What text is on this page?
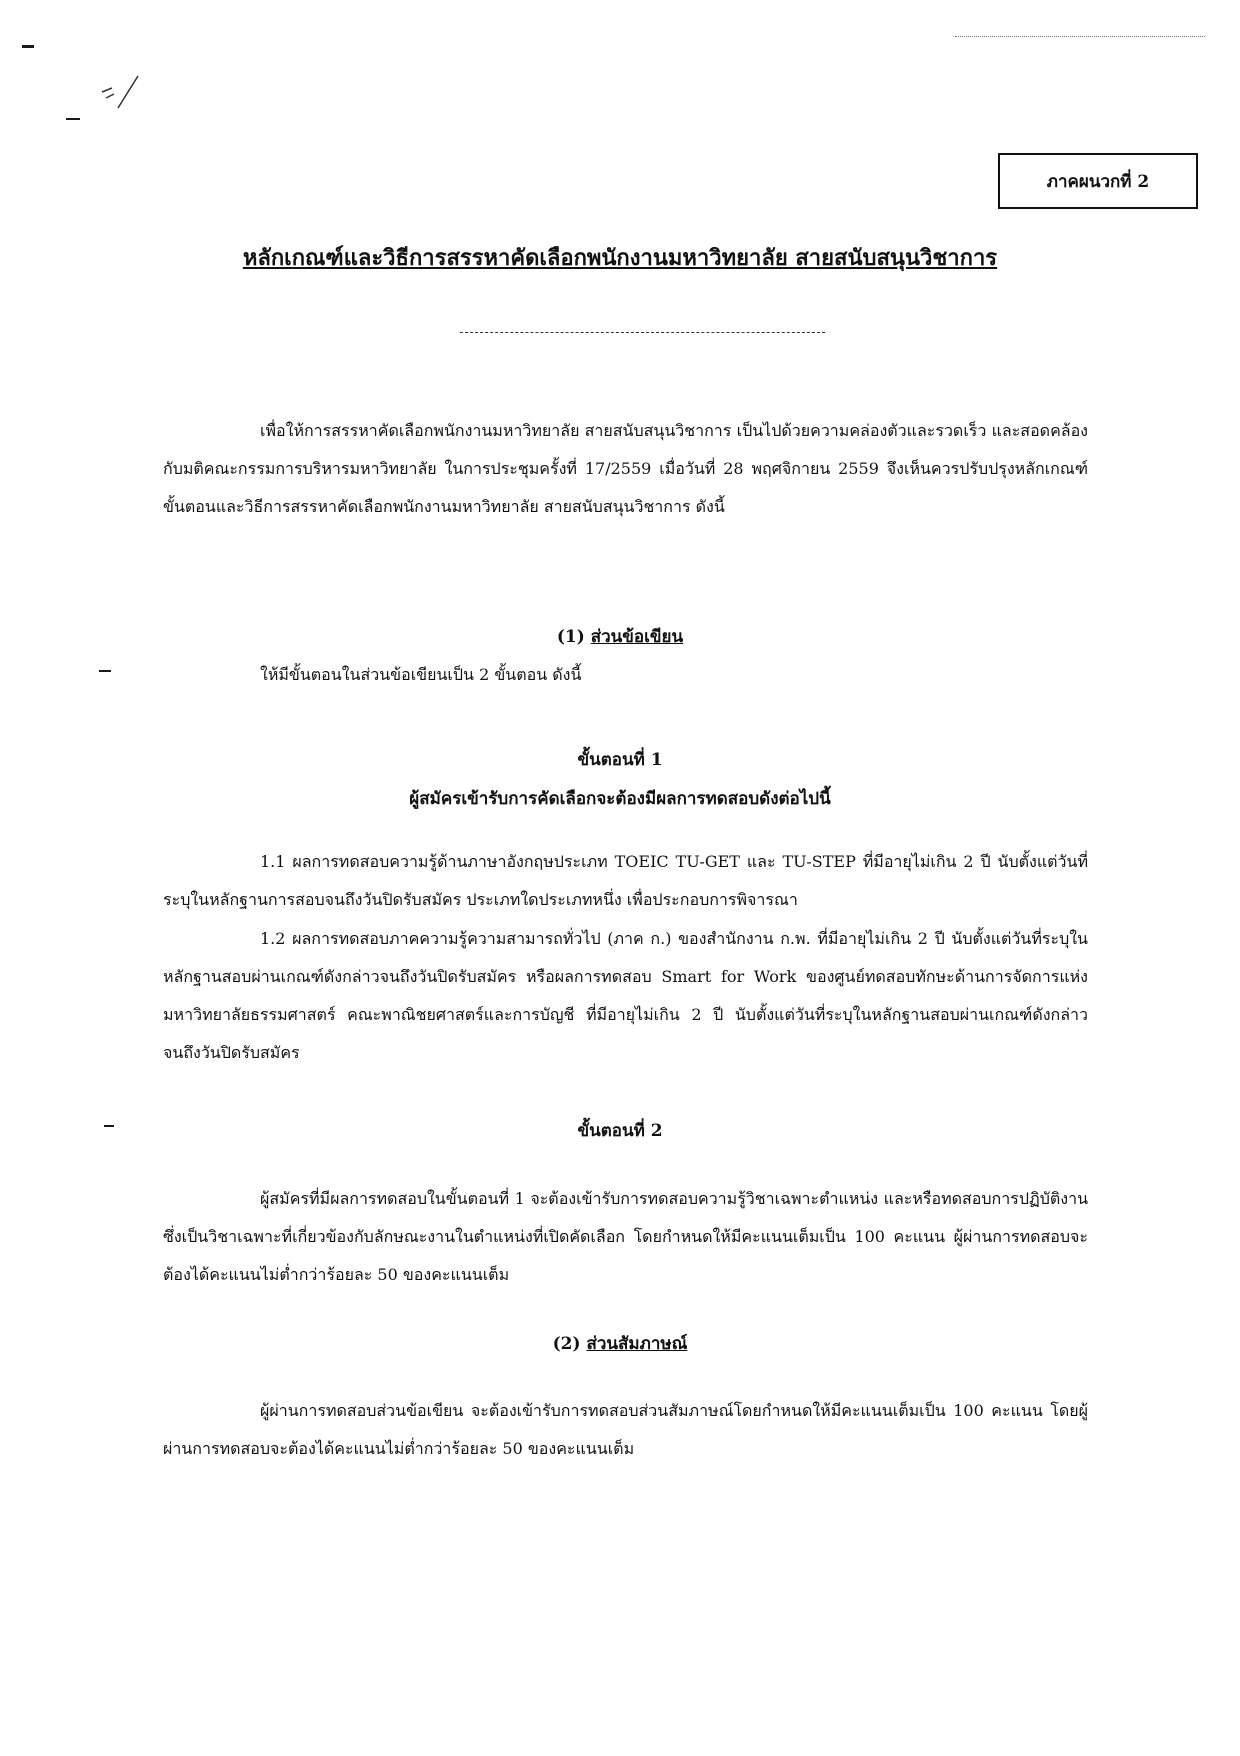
ภาคผนวกที่ 2
หลักเกณฑ์และวิธีการสรรหาคัดเลือกพนักงานมหาวิทยาลัย สายสนับสนุนวิชาการ

เพื่อให้การสรรหาคัดเลือกพนักงานมหาวิทยาลัย สายสนับสนุนวิชาการ เป็นไปด้วยความคล่องตัวและรวดเร็ว และสอดคล้องกับมติคณะกรรมการบริหารมหาวิทยาลัย ในการประชุมครั้งที่ 17/2559 เมื่อวันที่ 28 พฤศจิกายน 2559 จึงเห็นควรปรับปรุงหลักเกณฑ์ ขั้นตอนและวิธีการสรรหาคัดเลือกพนักงานมหาวิทยาลัย สายสนับสนุนวิชาการ ดังนี้

(1) ส่วนข้อเขียน
ให้มีขั้นตอนในส่วนข้อเขียนเป็น 2 ขั้นตอน ดังนี้
ขั้นตอนที่ 1
ผู้สมัครเข้ารับการคัดเลือกจะต้องมีผลการทดสอบดังต่อไปนี้

1.1 ผลการทดสอบความรู้ด้านภาษาอังกฤษประเภท TOEIC TU-GET และ TU-STEP ที่มีอายุไม่เกิน 2 ปี นับตั้งแต่วันที่ระบุในหลักฐานการสอบจนถึงวันปิดรับสมัคร ประเภทใดประเภทหนึ่ง เพื่อประกอบการพิจารณา

1.2 ผลการทดสอบภาคความรู้ความสามารถทั่วไป (ภาค ก.) ของสำนักงาน ก.พ. ที่มีอายุไม่เกิน 2 ปี นับตั้งแต่วันที่ระบุในหลักฐานสอบผ่านเกณฑ์ดังกล่าวจนถึงวันปิดรับสมัคร หรือผลการทดสอบ Smart for Work ของศูนย์ทดสอบทักษะด้านการจัดการแห่งมหาวิทยาลัยธรรมศาสตร์ คณะพาณิชยศาสตร์และการบัญชี ที่มีอายุไม่เกิน 2 ปี นับตั้งแต่วันที่ระบุในหลักฐานสอบผ่านเกณฑ์ดังกล่าวจนถึงวันปิดรับสมัคร

ขั้นตอนที่ 2

ผู้สมัครที่มีผลการทดสอบในขั้นตอนที่ 1 จะต้องเข้ารับการทดสอบความรู้วิชาเฉพาะตำแหน่ง และหรือทดสอบการปฏิบัติงาน ซึ่งเป็นวิชาเฉพาะที่เกี่ยวข้องกับลักษณะงานในตำแหน่งที่เปิดคัดเลือก โดยกำหนดให้มีคะแนนเต็มเป็น 100 คะแนน ผู้ผ่านการทดสอบจะต้องได้คะแนนไม่ต่ำกว่าร้อยละ 50 ของคะแนนเต็ม

(2) ส่วนสัมภาษณ์

ผู้ผ่านการทดสอบส่วนข้อเขียน จะต้องเข้ารับการทดสอบส่วนสัมภาษณ์โดยกำหนดให้มีคะแนนเต็มเป็น 100 คะแนน โดยผู้ผ่านการทดสอบจะต้องได้คะแนนไม่ต่ำกว่าร้อยละ 50 ของคะแนนเต็ม
